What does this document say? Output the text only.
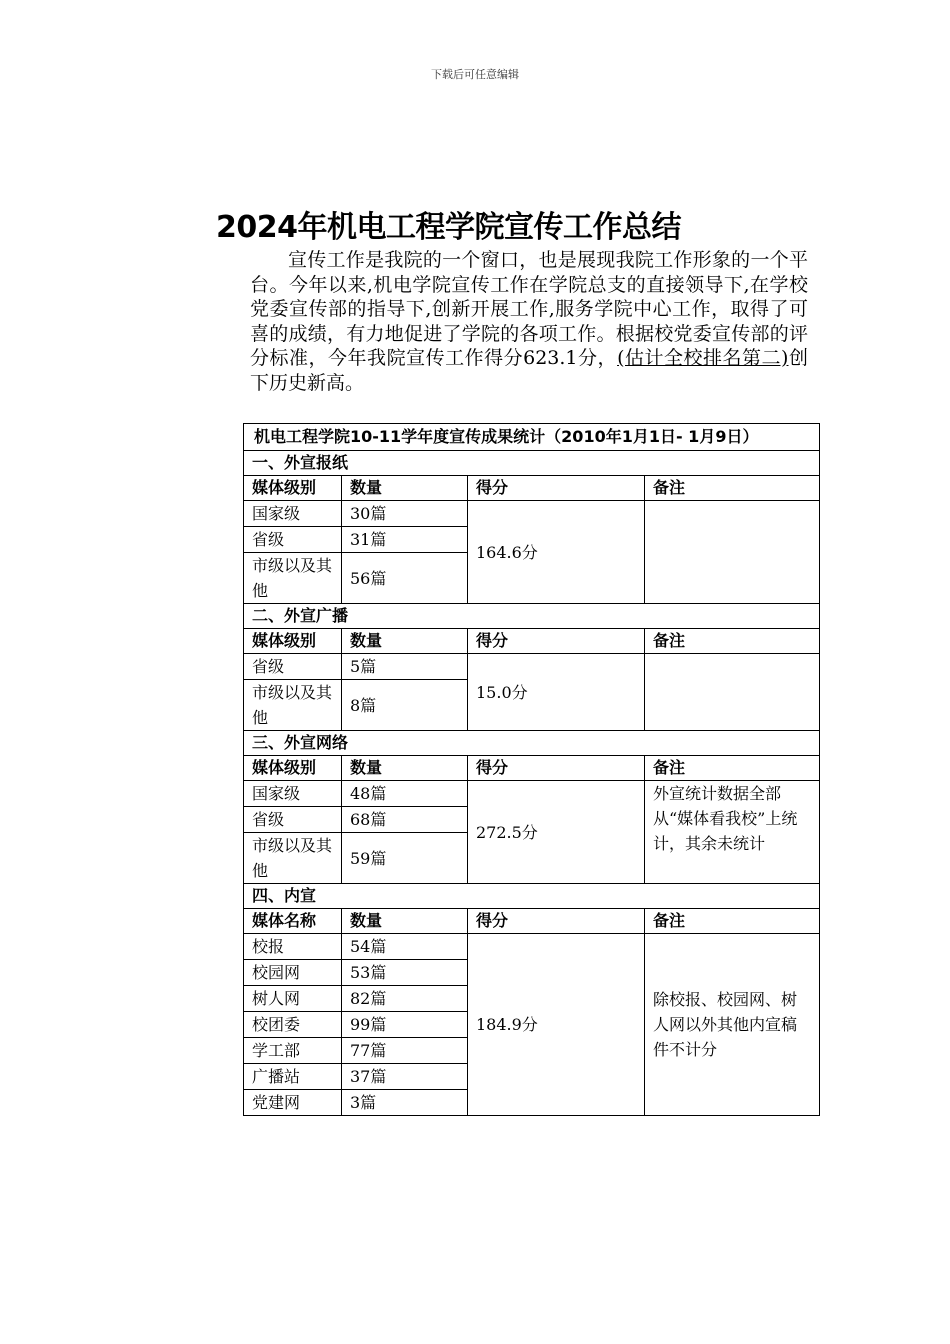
下载后可任意编辑
2024年机电工程学院宣传工作总结

宣传工作是我院的一个窗口，也是展现我院工作形象的一个平台。今年以来,机电学院宣传工作在学院总支的直接领导下,在学校党委宣传部的指导下,创新开展工作,服务学院中心工作，取得了可喜的成绩，有力地促进了学院的各项工作。根据校党委宣传部的评分标准，今年我院宣传工作得分623.1分，(估计全校排名第二)创下历史新高。

机电工程学院10-11学年度宣传成果统计（2010年1月1日- 1月9日）			
一、外宣报纸			
媒体级别	数量	得分	备注
国家级	30篇	164.6分	
省级	31篇		
市级以及其他	56篇		
二、外宣广播			
媒体级别	数量	得分	备注
省级	5篇	15.0分	
市级以及其他	8篇		
三、外宣网络			
媒体级别	数量	得分	备注
国家级	48篇	272.5分	外宣统计数据全部从“媒体看我校”上统计，其余未统计
省级	68篇		
市级以及其他	59篇		
四、内宣			
媒体名称	数量	得分	备注
校报	54篇	184.9分	除校报、校园网、树人网以外其他内宣稿件不计分
校园网	53篇		
树人网	82篇		
校团委	99篇		
学工部	77篇		
广播站	37篇		
党建网	3篇		
